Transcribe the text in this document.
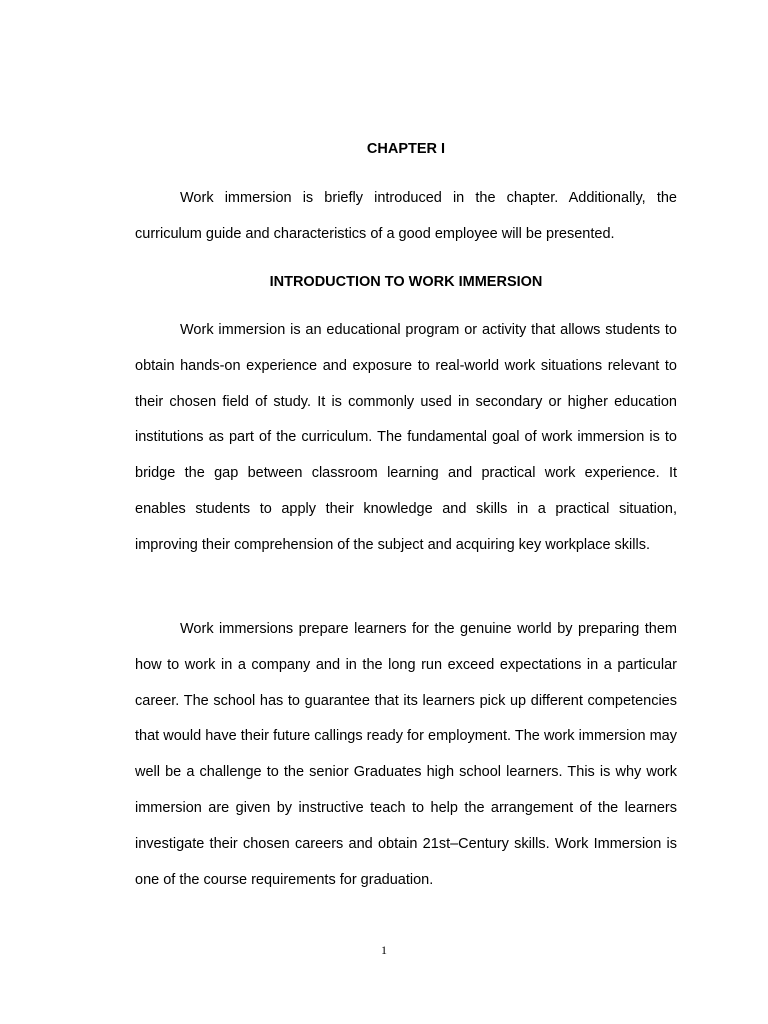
CHAPTER I

Work immersion is briefly introduced in the chapter. Additionally, the curriculum guide and characteristics of a good employee will be presented.

INTRODUCTION TO WORK IMMERSION

Work immersion is an educational program or activity that allows students to obtain hands-on experience and exposure to real-world work situations relevant to their chosen field of study. It is commonly used in secondary or higher education institutions as part of the curriculum. The fundamental goal of work immersion is to bridge the gap between classroom learning and practical work experience. It enables students to apply their knowledge and skills in a practical situation, improving their comprehension of the subject and acquiring key workplace skills.

Work immersions prepare learners for the genuine world by preparing them how to work in a company and in the long run exceed expectations in a particular career. The school has to guarantee that its learners pick up different competencies that would have their future callings ready for employment. The work immersion may well be a challenge to the senior Graduates high school learners. This is why work immersion are given by instructive teach to help the arrangement of the learners investigate their chosen careers and obtain 21st–Century skills. Work Immersion is one of the course requirements for graduation.

1
